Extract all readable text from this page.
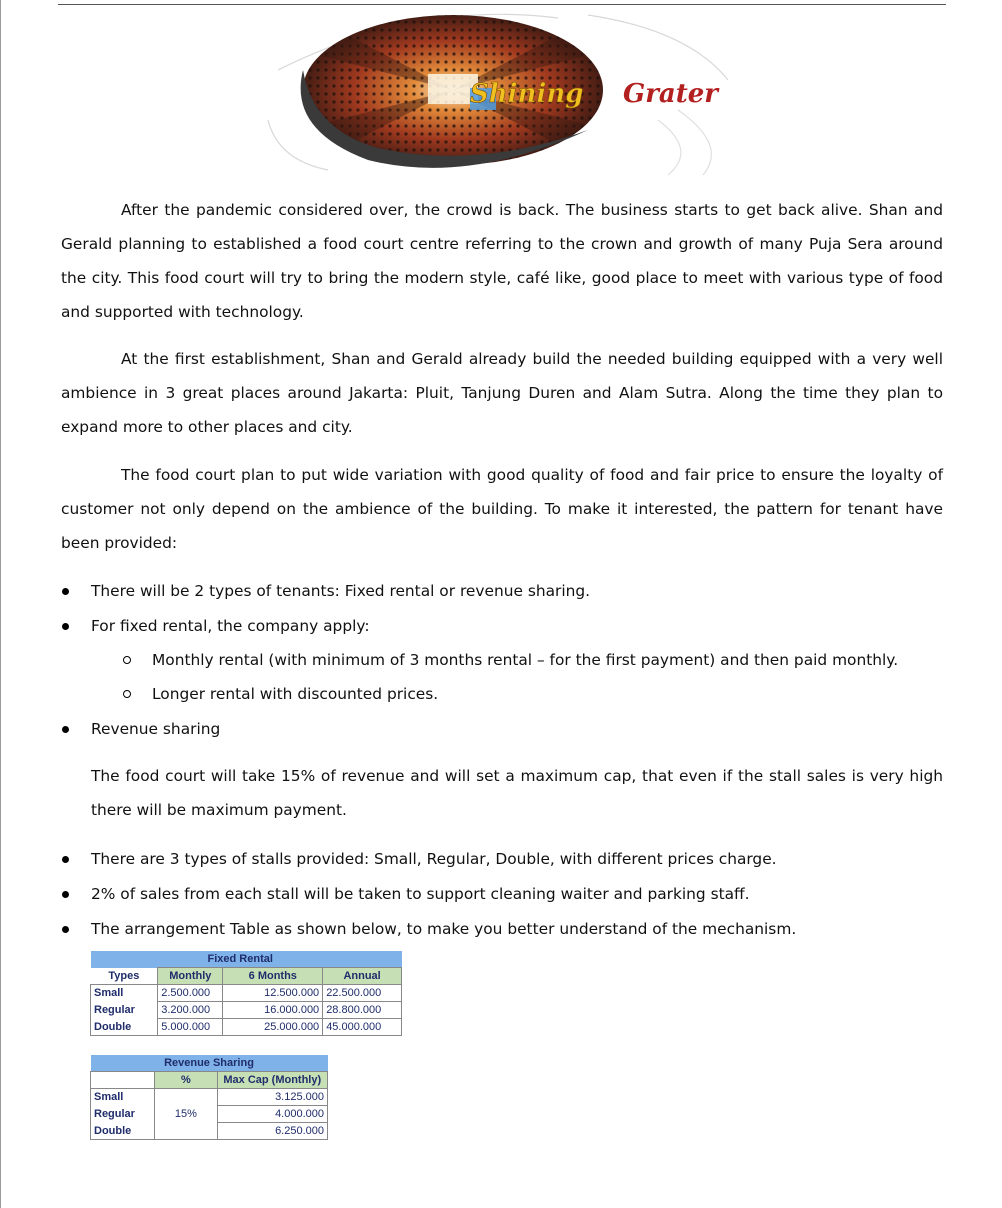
Shining Grater

After the pandemic considered over, the crowd is back. The business starts to get back alive. Shan and Gerald planning to established a food court centre referring to the crown and growth of many Puja Sera around the city. This food court will try to bring the modern style, café like, good place to meet with various type of food and supported with technology.

At the first establishment, Shan and Gerald already build the needed building equipped with a very well ambience in 3 great places around Jakarta: Pluit, Tanjung Duren and Alam Sutra. Along the time they plan to expand more to other places and city.

The food court plan to put wide variation with good quality of food and fair price to ensure the loyalty of customer not only depend on the ambience of the building. To make it interested, the pattern for tenant have been provided:

There will be 2 types of tenants: Fixed rental or revenue sharing.
For fixed rental, the company apply:
Monthly rental (with minimum of 3 months rental – for the first payment) and then paid monthly.
Longer rental with discounted prices.
Revenue sharing

The food court will take 15% of revenue and will set a maximum cap, that even if the stall sales is very high there will be maximum payment.

There are 3 types of stalls provided: Small, Regular, Double, with different prices charge.
2% of sales from each stall will be taken to support cleaning waiter and parking staff.
The arrangement Table as shown below, to make you better understand of the mechanism.
	Fixed Rental		
Types	Monthly	6 Months	Annual
Small	2.500.000	12.500.000	22.500.000
Regular	3.200.000	16.000.000	28.800.000
Double	5.000.000	25.000.000	45.000.000
Revenue Sharing		
	%	Max Cap (Monthly)
Small	15%	3.125.000
Regular		4.000.000
Double		6.250.000
